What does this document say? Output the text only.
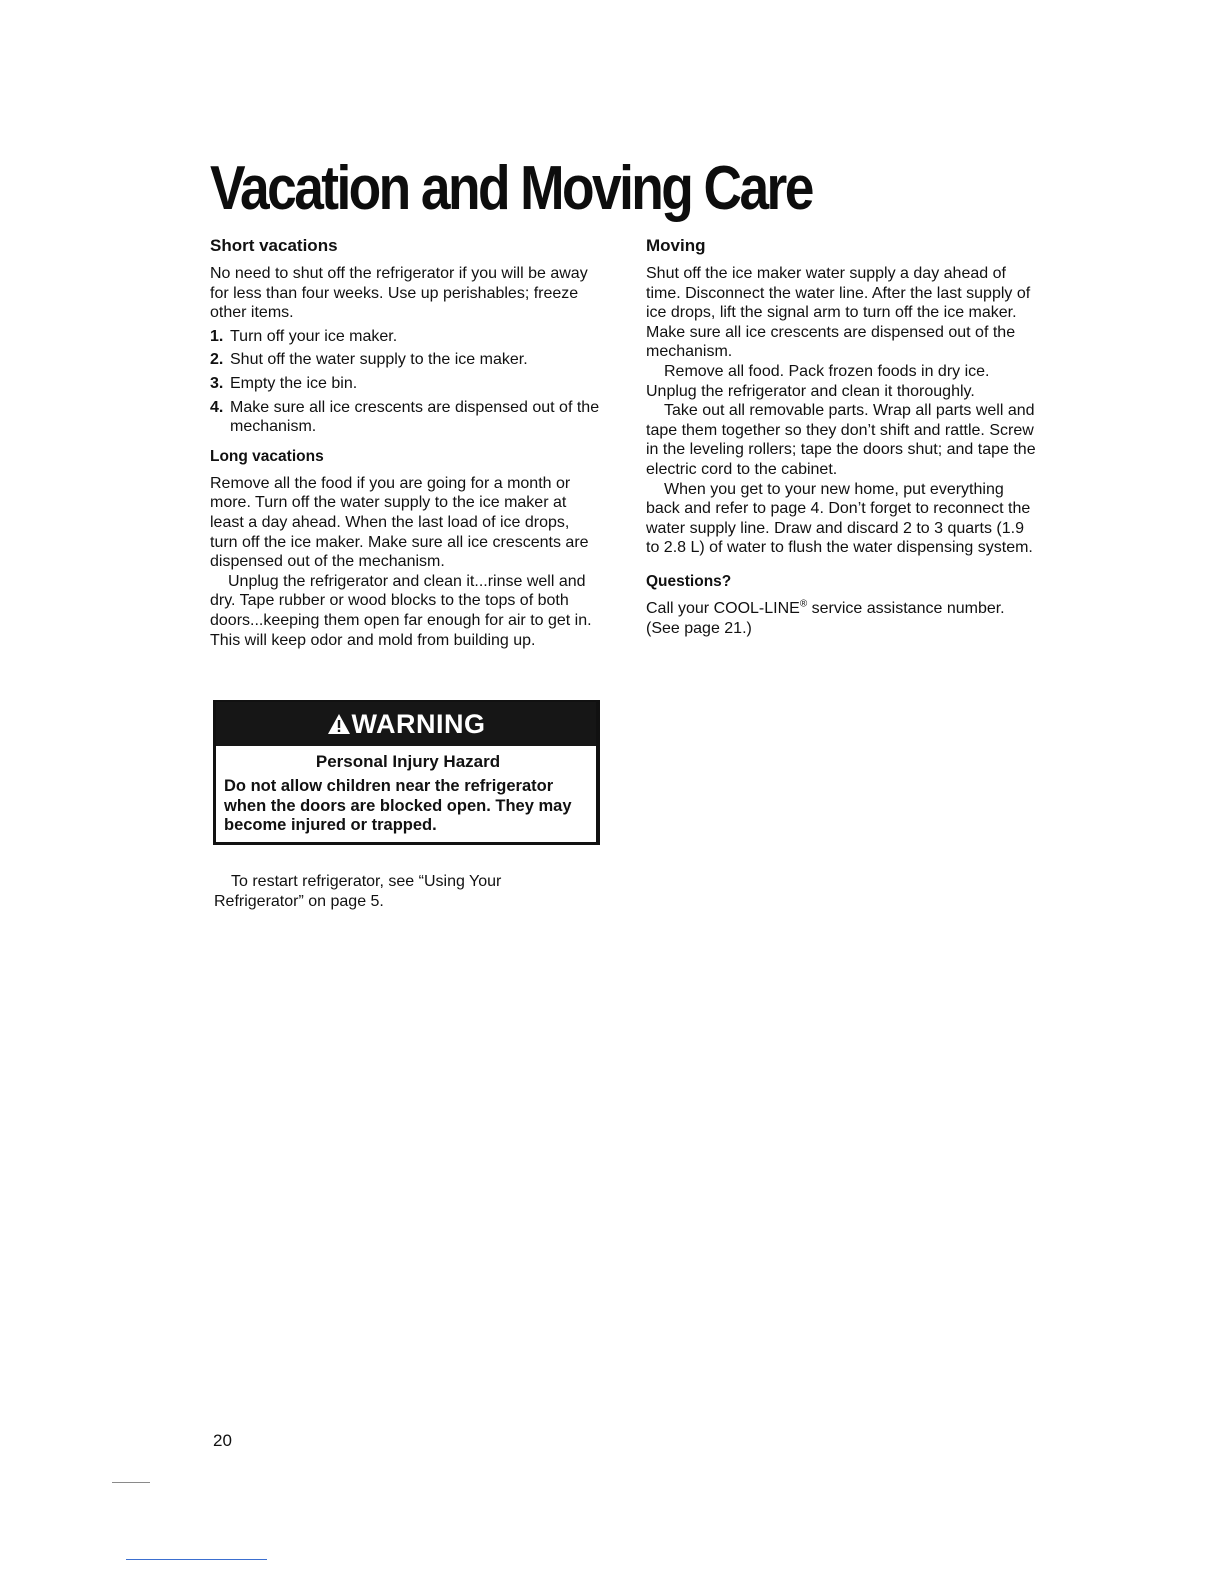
Vacation and Moving Care
Short vacations

No need to shut off the refrigerator if you will be away for less than four weeks. Use up perishables; freeze other items.

1. Turn off your ice maker.
2. Shut off the water supply to the ice maker.
3. Empty the ice bin.
4. Make sure all ice crescents are dispensed out of the mechanism.
Long vacations

Remove all the food if you are going for a month or more. Turn off the water supply to the ice maker at least a day ahead. When the last load of ice drops, turn off the ice maker. Make sure all ice crescents are dispensed out of the mechanism.

Unplug the refrigerator and clean it...rinse well and dry. Tape rubber or wood blocks to the tops of both doors...keeping them open far enough for air to get in. This will keep odor and mold from building up.

WARNING

Personal Injury Hazard

Do not allow children near the refrigerator when the doors are blocked open. They may become injured or trapped.

To restart refrigerator, see “Using Your Refrigerator” on page 5.

Moving

Shut off the ice maker water supply a day ahead of time. Disconnect the water line. After the last supply of ice drops, lift the signal arm to turn off the ice maker. Make sure all ice crescents are dispensed out of the mechanism.

Remove all food. Pack frozen foods in dry ice. Unplug the refrigerator and clean it thoroughly.

Take out all removable parts. Wrap all parts well and tape them together so they don’t shift and rattle. Screw in the leveling rollers; tape the doors shut; and tape the electric cord to the cabinet.

When you get to your new home, put everything back and refer to page 4. Don’t forget to reconnect the water supply line. Draw and discard 2 to 3 quarts (1.9 to 2.8 L) of water to flush the water dispensing system.

Questions?

Call your COOL-LINE® service assistance number. (See page 21.)

20
